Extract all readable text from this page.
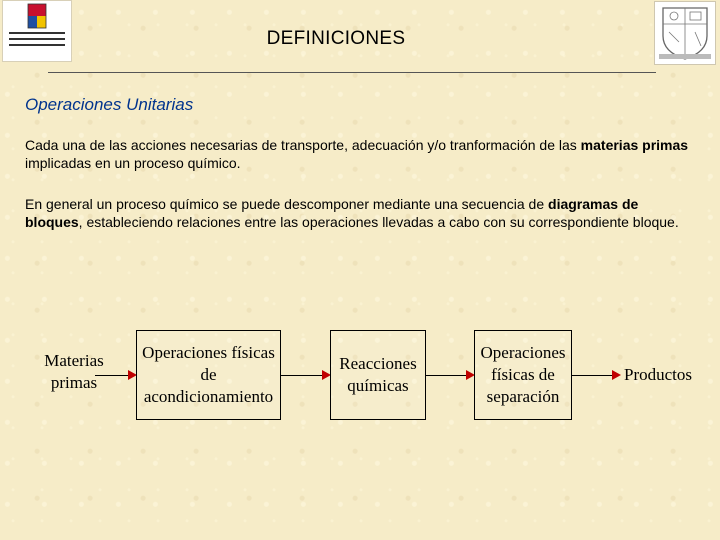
DEFINICIONES
Operaciones Unitarias

Cada una de las acciones necesarias de transporte, adecuación y/o tranformación de las materias primas implicadas en un proceso químico.

En general un proceso químico se puede descomponer mediante una secuencia de diagramas de bloques, estableciendo relaciones entre las operaciones llevadas a cabo con su correspondiente bloque.

Materias primas
Operaciones físicas de acondicionamiento
Reacciones químicas
Operaciones físicas de separación
Productos
